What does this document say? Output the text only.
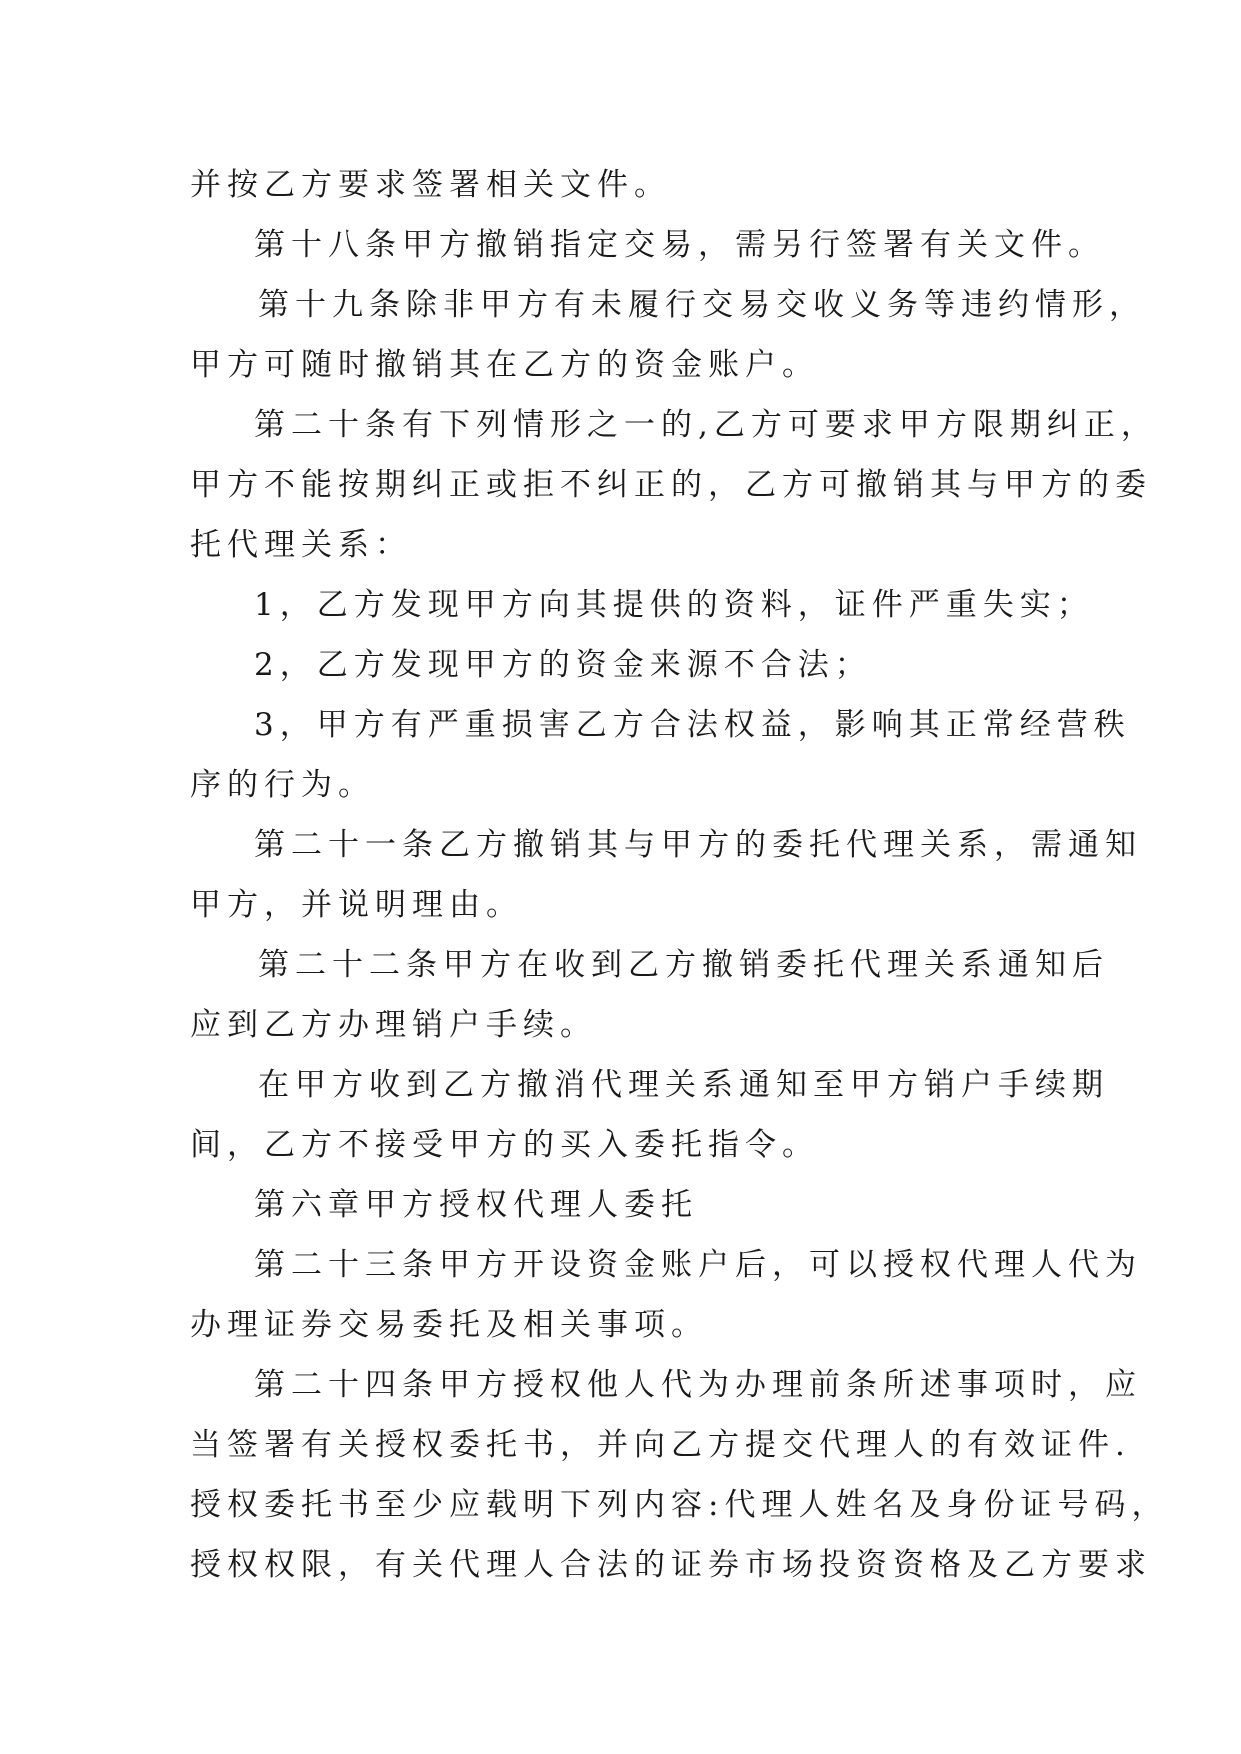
并按乙方要求签署相关文件。
第十八条甲方撤销指定交易，需另行签署有关文件。
第十九条除非甲方有未履行交易交收义务等违约情形，
甲方可随时撤销其在乙方的资金账户。
第二十条有下列情形之一的,乙方可要求甲方限期纠正，
甲方不能按期纠正或拒不纠正的，乙方可撤销其与甲方的委
托代理关系：
1，乙方发现甲方向其提供的资料，证件严重失实；
2，乙方发现甲方的资金来源不合法；
3，甲方有严重损害乙方合法权益，影响其正常经营秩
序的行为。
第二十一条乙方撤销其与甲方的委托代理关系，需通知
甲方，并说明理由。
第二十二条甲方在收到乙方撤销委托代理关系通知后
应到乙方办理销户手续。
在甲方收到乙方撤消代理关系通知至甲方销户手续期
间，乙方不接受甲方的买入委托指令。
第六章甲方授权代理人委托
第二十三条甲方开设资金账户后，可以授权代理人代为
办理证券交易委托及相关事项。
第二十四条甲方授权他人代为办理前条所述事项时，应
当签署有关授权委托书，并向乙方提交代理人的有效证件.
授权委托书至少应载明下列内容:代理人姓名及身份证号码，
授权权限，有关代理人合法的证券市场投资资格及乙方要求
